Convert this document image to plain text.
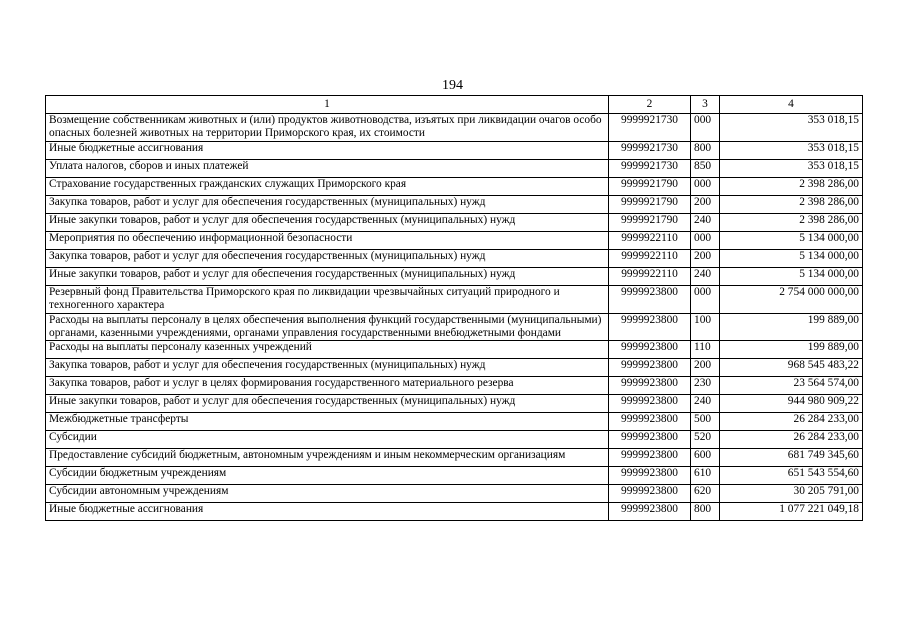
194
1	2	3	4
Возмещение собственникам животных и (или) продуктов животноводства, изъятых при ликвидации очагов особо опасных болезней животных на территории Приморского края, их стоимости	9999921730	000	353 018,15
Иные бюджетные ассигнования	9999921730	800	353 018,15
Уплата налогов, сборов и иных платежей	9999921730	850	353 018,15
Страхование государственных гражданских служащих Приморского края	9999921790	000	2 398 286,00
Закупка товаров, работ и услуг для обеспечения государственных (муниципальных) нужд	9999921790	200	2 398 286,00
Иные закупки товаров, работ и услуг для обеспечения государственных (муниципальных) нужд	9999921790	240	2 398 286,00
Мероприятия по обеспечению информационной безопасности	9999922110	000	5 134 000,00
Закупка товаров, работ и услуг для обеспечения государственных (муниципальных) нужд	9999922110	200	5 134 000,00
Иные закупки товаров, работ и услуг для обеспечения государственных (муниципальных) нужд	9999922110	240	5 134 000,00
Резервный фонд Правительства Приморского края по ликвидации чрезвычайных ситуаций природного и техногенного характера	9999923800	000	2 754 000 000,00
Расходы на выплаты персоналу в целях обеспечения выполнения функций государственными (муниципальными) органами, казенными учреждениями, органами управления государственными внебюджетными фондами	9999923800	100	199 889,00
Расходы на выплаты персоналу казенных учреждений	9999923800	110	199 889,00
Закупка товаров, работ и услуг для обеспечения государственных (муниципальных) нужд	9999923800	200	968 545 483,22
Закупка товаров, работ и услуг в целях формирования государственного материального резерва	9999923800	230	23 564 574,00
Иные закупки товаров, работ и услуг для обеспечения государственных (муниципальных) нужд	9999923800	240	944 980 909,22
Межбюджетные трансферты	9999923800	500	26 284 233,00
Субсидии	9999923800	520	26 284 233,00
Предоставление субсидий бюджетным, автономным учреждениям и иным некоммерческим организациям	9999923800	600	681 749 345,60
Субсидии бюджетным учреждениям	9999923800	610	651 543 554,60
Субсидии автономным учреждениям	9999923800	620	30 205 791,00
Иные бюджетные ассигнования	9999923800	800	1 077 221 049,18
